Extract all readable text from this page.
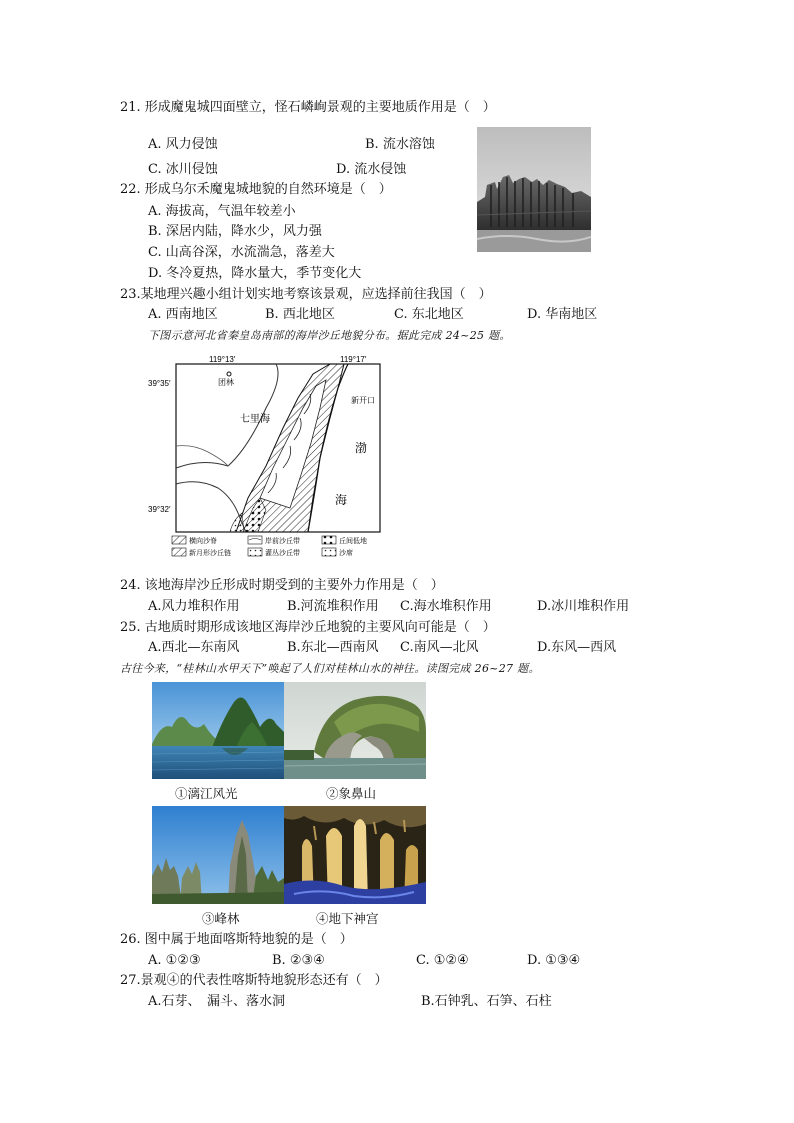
21. 形成魔鬼城四面壁立，怪石嶙峋景观的主要地质作用是（　）
A. 风力侵蚀	B. 流水溶蚀
C. 冰川侵蚀	D. 流水侵蚀
22. 形成乌尔禾魔鬼城地貌的自然环境是（　）
A. 海拔高，气温年较差小
B. 深居内陆，降水少，风力强
C. 山高谷深，水流湍急，落差大
D. 冬冷夏热，降水量大，季节变化大
23.某地理兴趣小组计划实地考察该景观，应选择前往我国（　）
A. 西南地区	B. 西北地区	C. 东北地区	D. 华南地区
下图示意河北省秦皇岛南部的海岸沙丘地貌分布。据此完成 24~25 题。
119°13′	119°17′
39°35′
39°32′
团林
七里海
新开口
渤
海
横向沙脊	岸前沙丘带	丘间低地
新月形沙丘链	灌丛沙丘带	沙席
24. 该地海岸沙丘形成时期受到的主要外力作用是（　）
A.风力堆积作用	B.河流堆积作用 C.海水堆积作用	D.冰川堆积作用
25. 古地质时期形成该地区海岸沙丘地貌的主要风向可能是（　）
A.西北—东南风	B.东北—西南风 C.南风—北风	D.东风—西风
古往今来，“桂林山水甲天下”唤起了人们对桂林山水的神往。读图完成 26~27 题。
①漓江风光	②象鼻山
③峰林	④地下神宫
26. 图中属于地面喀斯特地貌的是（　）
A. ①②③	B. ②③④	C. ①②④	D. ①③④
27.景观④的代表性喀斯特地貌形态还有（　）
A.石芽、　漏斗、落水洞	B.石钟乳、石笋、石柱
